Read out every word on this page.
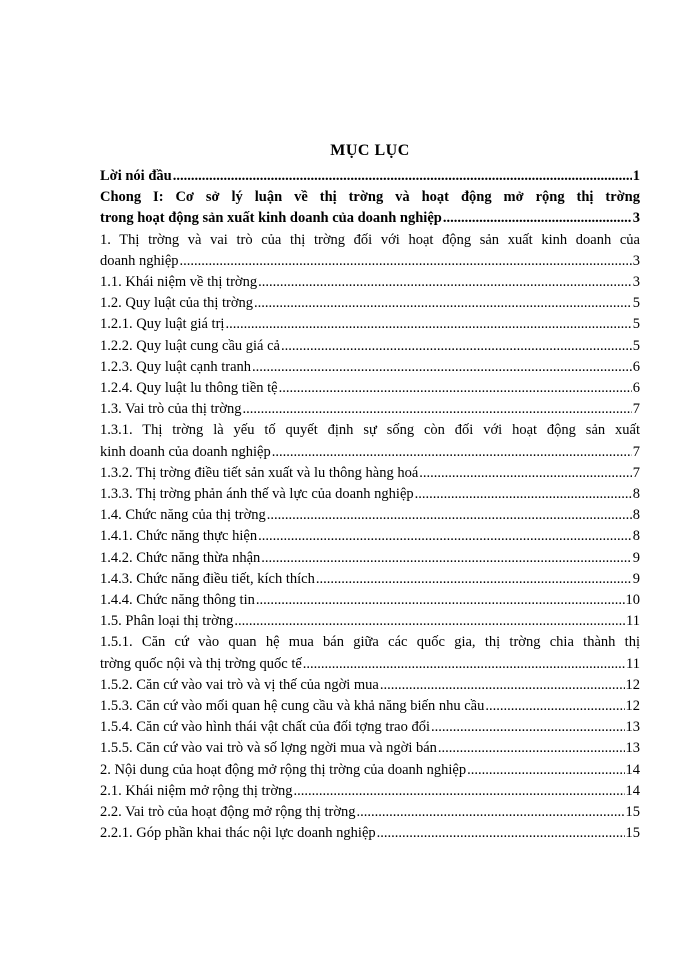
MỤC LỤC
Lời nói đầu .....	1
Chong I: Cơ sở lý luận về thị trờng và hoạt động mở rộng thị trờng
trong hoạt động sản xuất kinh doanh của doanh nghiệp .....	3
1. Thị trờng và vai trò của thị trờng đối với hoạt động sản xuất kinh doanh của
doanh nghiệp .....	3
1.1. Khái niệm về thị trờng .....	3
1.2. Quy luật của thị trờng .....	5
1.2.1. Quy luật giá trị .....	5
1.2.2. Quy luật cung cầu giá cả .....	5
1.2.3. Quy luật cạnh tranh .....	6
1.2.4. Quy luật lu thông tiền tệ .....	6
1.3. Vai trò của thị trờng .....	7
1.3.1. Thị trờng là yếu tố quyết định sự sống còn đối với hoạt động sản xuất
kinh doanh của doanh nghiệp .....	7
1.3.2. Thị trờng điều tiết sản xuất và lu thông hàng hoá .....	7
1.3.3. Thị trờng phản ánh thế và lực của doanh nghiệp .....	8
1.4. Chức năng của thị trờng .....	8
1.4.1. Chức năng thực hiện .....	8
1.4.2. Chức năng thừa nhận .....	9
1.4.3. Chức năng điều tiết, kích thích .....	9
1.4.4. Chức năng thông tin .....	10
1.5. Phân loại thị trờng .....	11
1.5.1. Căn cứ vào quan hệ mua bán giữa các quốc gia, thị trờng chia thành thị
trờng quốc nội và thị trờng quốc tế .....	11
1.5.2. Căn cứ vào vai trò và vị thế của ngời mua .....	12
1.5.3. Căn cứ vào mối quan hệ cung cầu và khả năng biến nhu cầu .....	12
1.5.4. Căn cứ vào hình thái vật chất của đối tợng trao đổi .....	13
1.5.5. Căn cứ vào vai trò và số lợng ngời mua và ngời bán .....	13
2. Nội dung của hoạt động mở rộng thị trờng của doanh nghiệp .....	14
2.1. Khái niệm mở rộng thị trờng .....	14
2.2. Vai trò của hoạt động mở rộng thị trờng .....	15
2.2.1. Góp phần khai thác nội lực doanh nghiệp .....	15
